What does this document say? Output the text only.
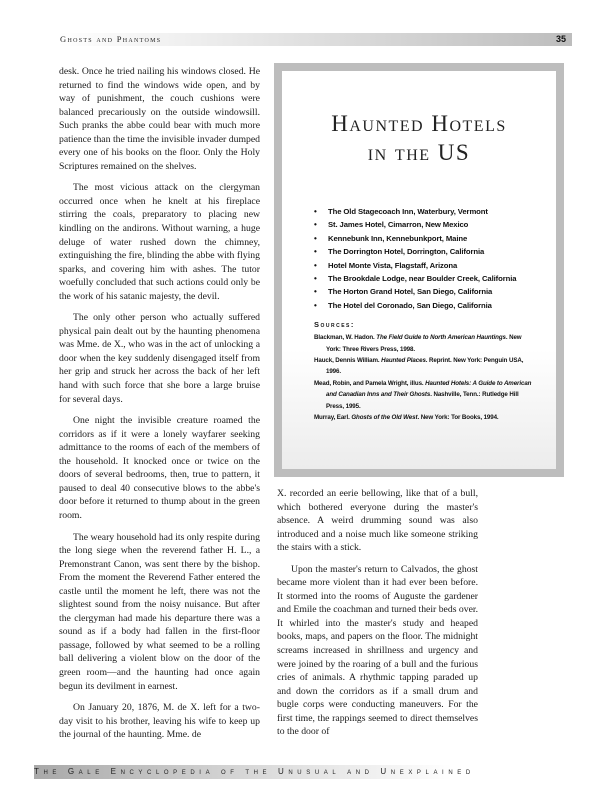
Ghosts and Phantoms	35

desk. Once he tried nailing his windows closed. He returned to find the windows wide open, and by way of punishment, the couch cushions were balanced precariously on the outside windowsill. Such pranks the abbe could bear with much more patience than the time the invisible invader dumped every one of his books on the floor. Only the Holy Scriptures remained on the shelves.

The most vicious attack on the clergyman occurred once when he knelt at his fireplace stirring the coals, preparatory to placing new kindling on the andirons. Without warning, a huge deluge of water rushed down the chimney, extinguishing the fire, blinding the abbe with flying sparks, and covering him with ashes. The tutor woefully concluded that such actions could only be the work of his satanic majesty, the devil.

The only other person who actually suffered physical pain dealt out by the haunting phenomena was Mme. de X., who was in the act of unlocking a door when the key suddenly disengaged itself from her grip and struck her across the back of her left hand with such force that she bore a large bruise for several days.

One night the invisible creature roamed the corridors as if it were a lonely wayfarer seeking admittance to the rooms of each of the members of the household. It knocked once or twice on the doors of several bedrooms, then, true to pattern, it paused to deal 40 consecutive blows to the abbe's door before it returned to thump about in the green room.

The weary household had its only respite during the long siege when the reverend father H. L., a Premonstrant Canon, was sent there by the bishop. From the moment the Reverend Father entered the castle until the moment he left, there was not the slightest sound from the noisy nuisance. But after the clergyman had made his departure there was a sound as if a body had fallen in the first-floor passage, followed by what seemed to be a rolling ball delivering a violent blow on the door of the green room—and the haunting had once again begun its devilment in earnest.

On January 20, 1876, M. de X. left for a two-day visit to his brother, leaving his wife to keep up the journal of the haunting. Mme. de

Haunted Hotels
in the US
• The Old Stagecoach Inn, Waterbury, Vermont
• St. James Hotel, Cimarron, New Mexico
• Kennebunk Inn, Kennebunkport, Maine
• The Dorrington Hotel, Dorrington, California
• Hotel Monte Vista, Flagstaff, Arizona
• The Brookdale Lodge, near Boulder Creek, California
• The Horton Grand Hotel, San Diego, California
• The Hotel del Coronado, San Diego, California
Sources:
Blackman, W. Hadon. The Field Guide to North American Hauntings. New York: Three Rivers Press, 1998.
Hauck, Dennis William. Haunted Places. Reprint. New York: Penguin USA, 1996.
Mead, Robin, and Pamela Wright, illus. Haunted Hotels: A Guide to American and Canadian Inns and Their Ghosts. Nashville, Tenn.: Rutledge Hill Press, 1995.
Murray, Earl. Ghosts of the Old West. New York: Tor Books, 1994.

X. recorded an eerie bellowing, like that of a bull, which bothered everyone during the master's absence. A weird drumming sound was also introduced and a noise much like someone striking the stairs with a stick.

Upon the master's return to Calvados, the ghost became more violent than it had ever been before. It stormed into the rooms of Auguste the gardener and Emile the coachman and turned their beds over. It whirled into the master's study and heaped books, maps, and papers on the floor. The midnight screams increased in shrillness and urgency and were joined by the roaring of a bull and the furious cries of animals. A rhythmic tapping paraded up and down the corridors as if a small drum and bugle corps were conducting maneuvers. For the first time, the rappings seemed to direct themselves to the door of

The Gale Encyclopedia of the Unusual and Unexplained
